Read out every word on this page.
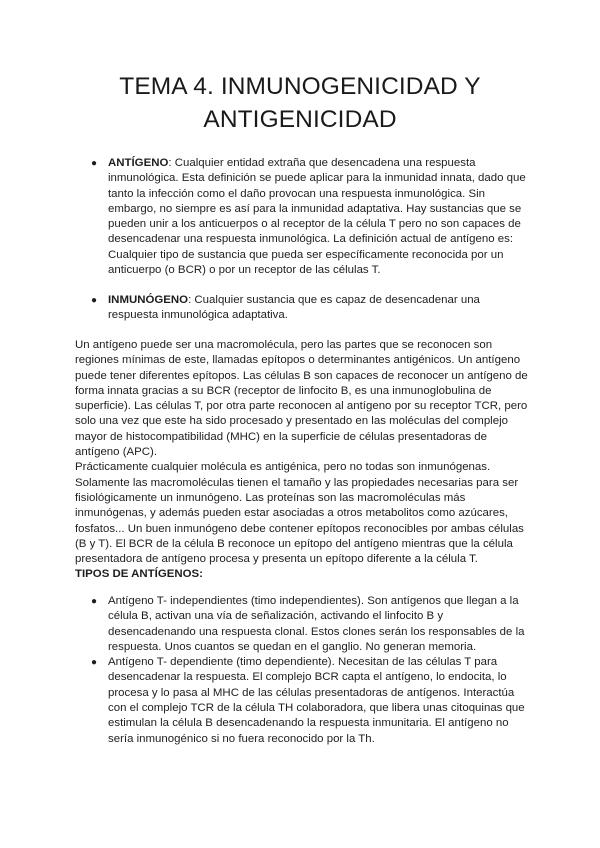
TEMA 4. INMUNOGENICIDAD Y
ANTIGENICIDAD
● ANTÍGENO: Cualquier entidad extraña que desencadena una respuesta inmunológica. Esta definición se puede aplicar para la inmunidad innata, dado que tanto la infección como el daño provocan una respuesta inmunológica. Sin embargo, no siempre es así para la inmunidad adaptativa. Hay sustancias que se pueden unir a los anticuerpos o al receptor de la célula T pero no son capaces de desencadenar una respuesta inmunológica. La definición actual de antígeno es: Cualquier tipo de sustancia que pueda ser específicamente reconocida por un anticuerpo (o BCR) o por un receptor de las células T.
● INMUNÓGENO: Cualquier sustancia que es capaz de desencadenar una respuesta inmunológica adaptativa.

Un antígeno puede ser una macromolécula, pero las partes que se reconocen son regiones mínimas de este, llamadas epítopos o determinantes antigénicos. Un antígeno puede tener diferentes epítopos. Las células B son capaces de reconocer un antígeno de forma innata gracias a su BCR (receptor de linfocito B, es una inmunoglobulina de superficie). Las células T, por otra parte reconocen al antígeno por su receptor TCR, pero solo una vez que este ha sido procesado y presentado en las moléculas del complejo mayor de histocompatibilidad (MHC) en la superficie de células presentadoras de antígeno (APC).

Prácticamente cualquier molécula es antigénica, pero no todas son inmunógenas. Solamente las macromoléculas tienen el tamaño y las propiedades necesarias para ser fisiológicamente un inmunógeno. Las proteínas son las macromoléculas más inmunógenas, y además pueden estar asociadas a otros metabolitos como azúcares, fosfatos... Un buen inmunógeno debe contener epítopos reconocibles por ambas células (B y T). El BCR de la célula B reconoce un epítopo del antígeno mientras que la célula presentadora de antígeno procesa y presenta un epítopo diferente a la célula T.

TIPOS DE ANTÍGENOS:
● Antígeno T- independientes (timo independientes). Son antígenos que llegan a la célula B, activan una vía de señalización, activando el linfocito B y desencadenando una respuesta clonal. Estos clones serán los responsables de la respuesta. Unos cuantos se quedan en el ganglio. No generan memoria.
● Antígeno T- dependiente (timo dependiente). Necesitan de las células T para desencadenar la respuesta. El complejo BCR capta el antígeno, lo endocita, lo procesa y lo pasa al MHC de las células presentadoras de antígenos. Interactúa con el complejo TCR de la célula TH colaboradora, que libera unas citoquinas que estimulan la célula B desencadenando la respuesta inmunitaria. El antígeno no sería inmunogénico si no fuera reconocido por la Th.
